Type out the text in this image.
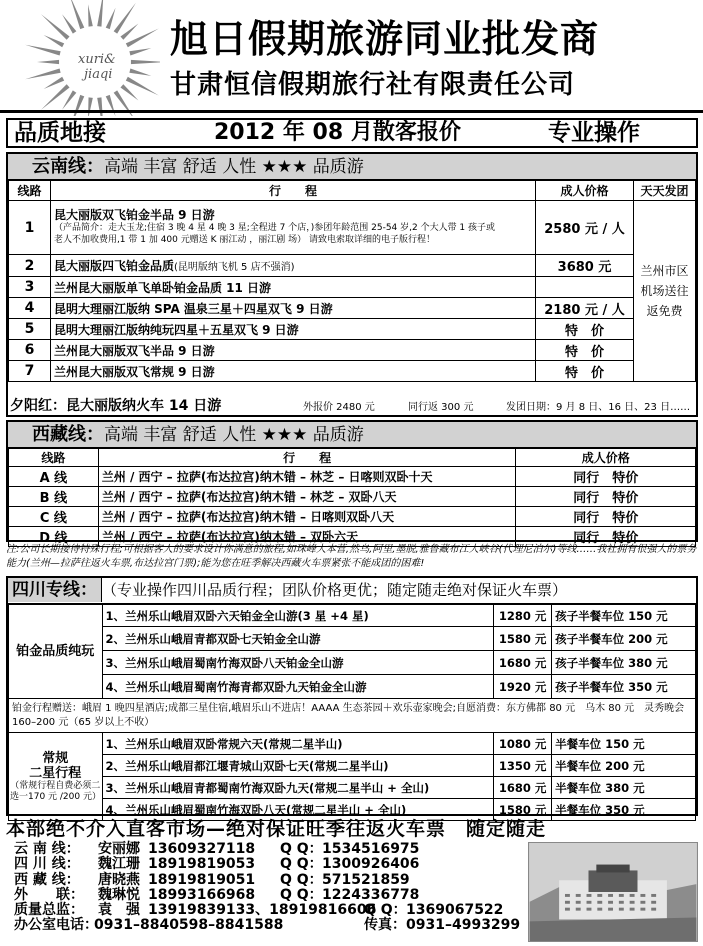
xuri&
jiaqi
旭日假期旅游同业批发商
甘肃恒信假期旅行社有限责任公司
品质地接	2012 年 08 月散客报价	专业操作
云南线：高端 丰富 舒适 人性 ★★★ 品质游
线路	行　　程	成人价格	天天发团
1	昆大丽版双飞铂金半品 9 日游
（产品简介：走大玉龙;住宿 3 晚 4 星 4 晚 3 星;全程进 7 个店，)参团年龄范围 25-54 岁,2 个大人带 1 孩子或
老人不加收费用,1 带 1 加 400 元赠送 K 丽江动 ，丽江剧 场） 请致电索取详细的电子版行程！	2580 元 / 人	兰州市区机场送往返免费
2	昆大丽版四飞铂金品质(昆明版纳飞机 5 店不强消)	3680 元	
3	兰州昆大丽版单飞单卧铂金品质 11 日游		
4	昆明大理丽江版纳 SPA 温泉三星＋四星双飞 9 日游	2180 元 / 人	
5	昆明大理丽江版纳纯玩四星＋五星双飞 9 日游	特　价	
6	兰州昆大丽版双飞半品 9 日游	特　价	
7	兰州昆大丽版双飞常规 9 日游	特　价	
夕阳红：昆大丽版纳火车 14 日游	外报价 2480 元	同行返 300 元	发团日期：9 月 8 日、16 日、23 日……
西藏线：高端 丰富 舒适 人性 ★★★ 品质游
线路	行　　程	成人价格
A 线	兰州 / 西宁 – 拉萨(布达拉宫)纳木错 – 林芝 – 日喀则双卧十天	同行　特价
B 线	兰州 / 西宁 – 拉萨(布达拉宫)纳木错 – 林芝 – 双卧八天	同行　特价
C 线	兰州 / 西宁 – 拉萨(布达拉宫)纳木错 – 日喀则双卧八天	同行　特价
D 线	兰州 / 西宁 – 拉萨(布达拉宫)纳木错 – 双卧六天	同行　特价
注:公司长期接待特殊行程;可根据客人的要求设计你满意的旅程,如珠峰大本营,然乌,阿里,墨脱,雅鲁藏布江大峡谷(代理尼泊尔)等线……我社拥有很强大的票务能力(兰州—拉萨往返火车票,布达拉宫门票);能为您在旺季解决西藏火车票紧张不能成团的困难!
四川专线： （专业操作四川品质行程；团队价格更优；随定随走绝对保证火车票）
铂金品质纯玩	1、兰州乐山峨眉双卧六天铂金全山游(3 星 +4 星)	1280 元	孩子半餐车位 150 元
	2、兰州乐山峨眉青都双卧七天铂金全山游	1580 元	孩子半餐车位 200 元
	3、兰州乐山峨眉蜀南竹海双卧八天铂金全山游	1680 元	孩子半餐车位 380 元
	4、兰州乐山峨眉蜀南竹海青都双卧九天铂金全山游	1920 元	孩子半餐车位 350 元
铂金行程赠送：峨眉 1 晚四星酒店;成都三星住宿,峨眉乐山不进店！AAAA 生态茶园＋欢乐壶家晚会;自愿消费：东方佛都 80 元　乌木 80 元　灵秀晚会 160–200 元（65 岁以上不收）			

常规
二星行程
（常规行程自费必须二选一170 元 /200 元）	1、兰州乐山峨眉双卧常规六天(常规二星半山)	1080 元	半餐车位 150 元
	2、兰州乐山峨眉都江堰青城山双卧七天(常规二星半山)	1350 元	半餐车位 200 元
	3、兰州乐山峨眉青都蜀南竹海双卧九天(常规二星半山 + 全山)	1680 元	半餐车位 380 元
	4、兰州乐山峨眉蜀南竹海双卧八天(常规二星半山 + 全山)	1580 元	半餐车位 350 元
本部绝不介入直客市场—绝对保证旺季往返火车票　随定随走
云 南 线： 安丽娜 13609327118 Q Q： 1534516975
四 川 线： 魏江珊 18919819053 Q Q： 1300926406
西 藏 线： 唐晓燕 18919819051 Q Q： 571521859
外　　联： 魏琳悦 18993166968 Q Q： 1224336778
质量总监： 袁　强 13919839133、18919816606
Q Q： 1369067522
办公室电话：
0931–8840598–8841588	传真： 0931–4993299
